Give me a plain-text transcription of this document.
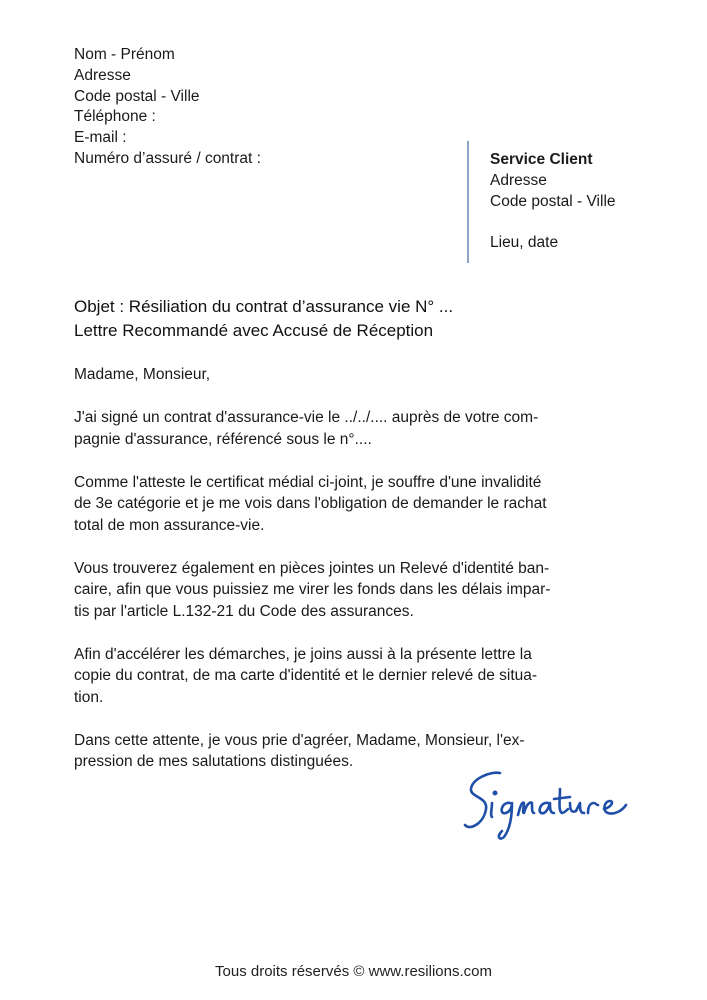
Nom - Prénom
Adresse
Code postal - Ville
Téléphone :
E-mail :
Numéro d’assuré / contrat :	Service Client
Adresse
Code postal - Ville
Lieu, date
Objet : Résiliation du contrat d’assurance vie N° ...
Lettre Recommandé avec Accusé de Réception

Madame, Monsieur,

J'ai signé un contrat d'assurance-vie le ../../.... auprès de votre com-
pagnie d'assurance, référencé sous le n°....

Comme l'atteste le certificat médial ci-joint, je souffre d'une invalidité
de 3e catégorie et je me vois dans l'obligation de demander le rachat
total de mon assurance-vie.

Vous trouverez également en pièces jointes un Relevé d'identité ban-
caire, afin que vous puissiez me virer les fonds dans les délais impar-
tis par l'article L.132-21 du Code des assurances.

Afin d'accélérer les démarches, je joins aussi à la présente lettre la
copie du contrat, de ma carte d'identité et le dernier relevé de situa-
tion.

Dans cette attente, je vous prie d'agréer, Madame, Monsieur, l'ex-
pression de mes salutations distinguées.

Tous droits réservés © www.resilions.com
